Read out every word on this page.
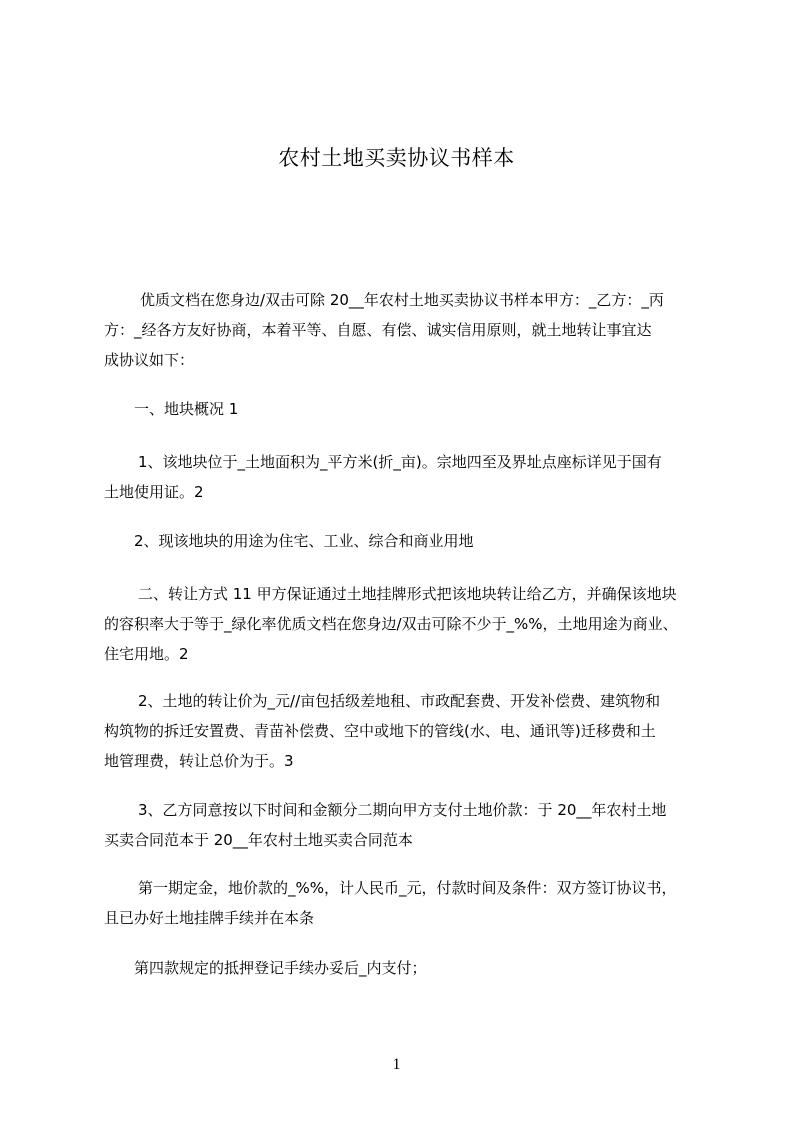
农村土地买卖协议书样本
优质文档在您身边/双击可除 20__年农村土地买卖协议书样本甲方：_乙方：_丙
方：_经各方友好协商，本着平等、自愿、有偿、诚实信用原则，就土地转让事宜达
成协议如下：
一、地块概况 1
1、该地块位于_土地面积为_平方米(折_亩)。宗地四至及界址点座标详见于国有
土地使用证。2
2、现该地块的用途为住宅、工业、综合和商业用地
二、转让方式 11 甲方保证通过土地挂牌形式把该地块转让给乙方，并确保该地块
的容积率大于等于_绿化率优质文档在您身边/双击可除不少于_%%，土地用途为商业、
住宅用地。2
2、土地的转让价为_元//亩包括级差地租、市政配套费、开发补偿费、建筑物和
构筑物的拆迁安置费、青苗补偿费、空中或地下的管线(水、电、通讯等)迁移费和土
地管理费，转让总价为于。3
3、乙方同意按以下时间和金额分二期向甲方支付土地价款：于 20__年农村土地
买卖合同范本于 20__年农村土地买卖合同范本
第一期定金，地价款的_%%，计人民币_元，付款时间及条件：双方签订协议书，
且已办好土地挂牌手续并在本条
第四款规定的抵押登记手续办妥后_内支付；
1
